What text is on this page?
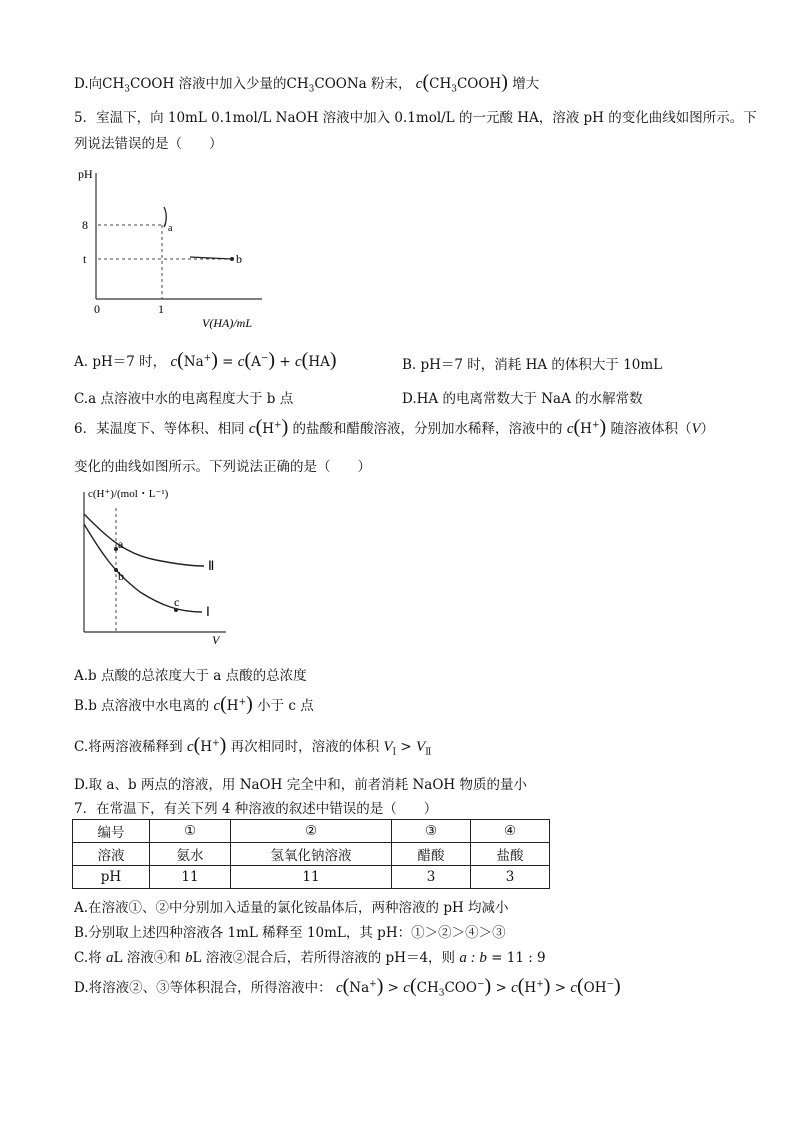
D.向$CH_3COOH$ 溶液中加入少量的$CH_3COONa$ 粉末， $c(CH_3COOH)$ 增大
5．室温下，向 10mL 0.1mol/L NaOH 溶液中加入 0.1mol/L 的一元酸 HA，溶液 pH 的变化曲线如图所示。下
列说法错误的是（　　）
pH
8
t
a
b
0	1
V(HA)/mL
A. pH＝7 时， c(Na+) = c(A−) + c(HA)	B. pH＝7 时，消耗 HA 的体积大于 10mL
C.a 点溶液中水的电离程度大于 b 点	D.HA 的电离常数大于 NaA 的水解常数
6．某温度下、等体积、相同 c(H+) 的盐酸和醋酸溶液，分别加水稀释，溶液中的 c(H+) 随溶液体积（V）
变化的曲线如图所示。下列说法正确的是（　　）
c(H⁺)/(mol・L⁻¹)
a
b
c
Ⅱ
Ⅰ
V
A.b 点酸的总浓度大于 a 点酸的总浓度
B.b 点溶液中水电离的 c(H+) 小于 c 点
C.将两溶液稀释到 c(H+) 再次相同时，溶液的体积 $V_Ⅰ > V_Ⅱ$
D.取 a、b 两点的溶液，用 NaOH 完全中和，前者消耗 NaOH 物质的量小
7．在常温下，有关下列 4 种溶液的叙述中错误的是（　　）
编号	①	②	③	④
溶液	氨水	氢氧化钠溶液	醋酸	盐酸
pH	11	11	3	3
A.在溶液①、②中分别加入适量的氯化铵晶体后，两种溶液的 pH 均减小
B.分别取上述四种溶液各 1mL 稀释至 10mL，其 pH：①＞②＞④＞③
C.将 aL 溶液④和 bL 溶液②混合后，若所得溶液的 pH＝4，则 a : b = 11 : 9
D.将溶液②、③等体积混合，所得溶液中： $c(Na^+) > c(CH_3COO^-) > c(H^+) > c(OH^-)$
